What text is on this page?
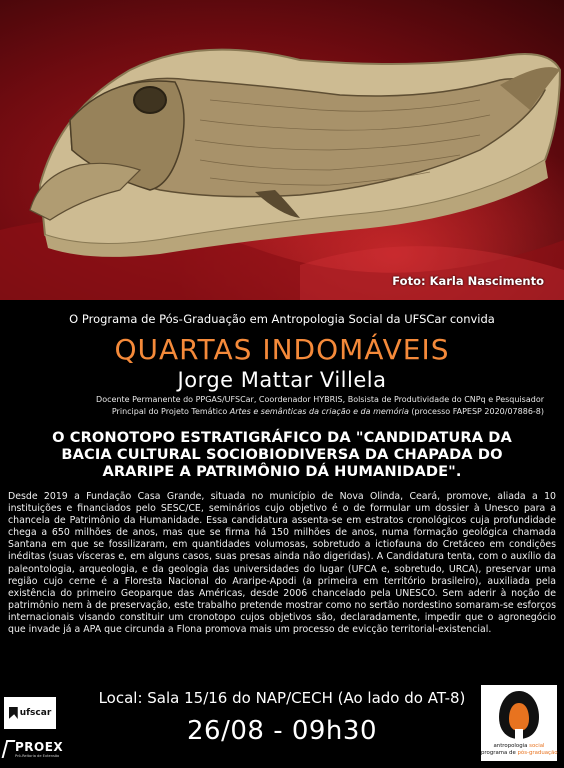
Foto: Karla Nascimento
O Programa de Pós-Graduação em Antropologia Social da UFSCar convida
QUARTAS INDOMÁVEIS
Jorge Mattar Villela
Docente Permanente do PPGAS/UFSCar, Coordenador HYBRIS, Bolsista de Produtividade do CNPq e Pesquisador
Principal do Projeto Temático Artes e semânticas da criação e da memória (processo FAPESP 2020/07886-8)
O CRONOTOPO ESTRATIGRÁFICO DA "CANDIDATURA DA
BACIA CULTURAL SOCIOBIODIVERSA DA CHAPADA DO
ARARIPE A PATRIMÔNIO DÁ HUMANIDADE".
Desde 2019 a Fundação Casa Grande, situada no município de Nova Olinda, Ceará, promove, aliada a 10 instituições e financiados pelo SESC/CE, seminários cujo objetivo é o de formular um dossier à Unesco para a chancela de Patrimônio da Humanidade. Essa candidatura assenta-se em estratos cronológicos cuja profundidade chega a 650 milhões de anos, mas que se firma há 150 milhões de anos, numa formação geológica chamada Santana em que se fossilizaram, em quantidades volumosas, sobretudo a ictiofauna do Cretáceo em condições inéditas (suas vísceras e, em alguns casos, suas presas ainda não digeridas). A Candidatura tenta, com o auxílio da paleontologia, arqueologia, e da geologia das universidades do lugar (UFCA e, sobretudo, URCA), preservar uma região cujo cerne é a Floresta Nacional do Araripe-Apodi (a primeira em território brasileiro), auxiliada pela existência do primeiro Geoparque das Américas, desde 2006 chancelado pela UNESCO. Sem aderir à noção de patrimônio nem à de preservação, este trabalho pretende mostrar como no sertão nordestino somaram-se esforços internacionais visando constituir um cronotopo cujos objetivos são, declaradamente, impedir que o agronegócio que invade já a APA que circunda a Flona promova mais um processo de evicção territorial-existencial.
Local: Sala 15/16 do NAP/CECH (Ao lado do AT-8)
26/08 - 09h30
ufscar
PROEX
Pró-Reitoria de Extensão
antropologia social
programa de pós-graduação
